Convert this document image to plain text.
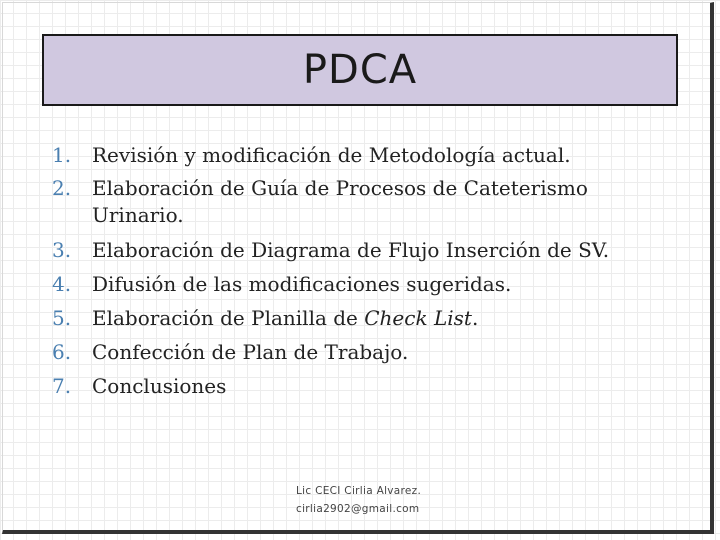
PDCA
1.	Revisión y modificación de Metodología actual.
2.	Elaboración de Guía de Procesos de Cateterismo Urinario.
3.	Elaboración de Diagrama de Flujo Inserción de SV.
4.	Difusión de las modificaciones sugeridas.
5.	Elaboración de Planilla de Check List.
6.	Confección de Plan de Trabajo.
7.	Conclusiones
Lic CECI Cirlia Alvarez.
cirlia2902@gmail.com
